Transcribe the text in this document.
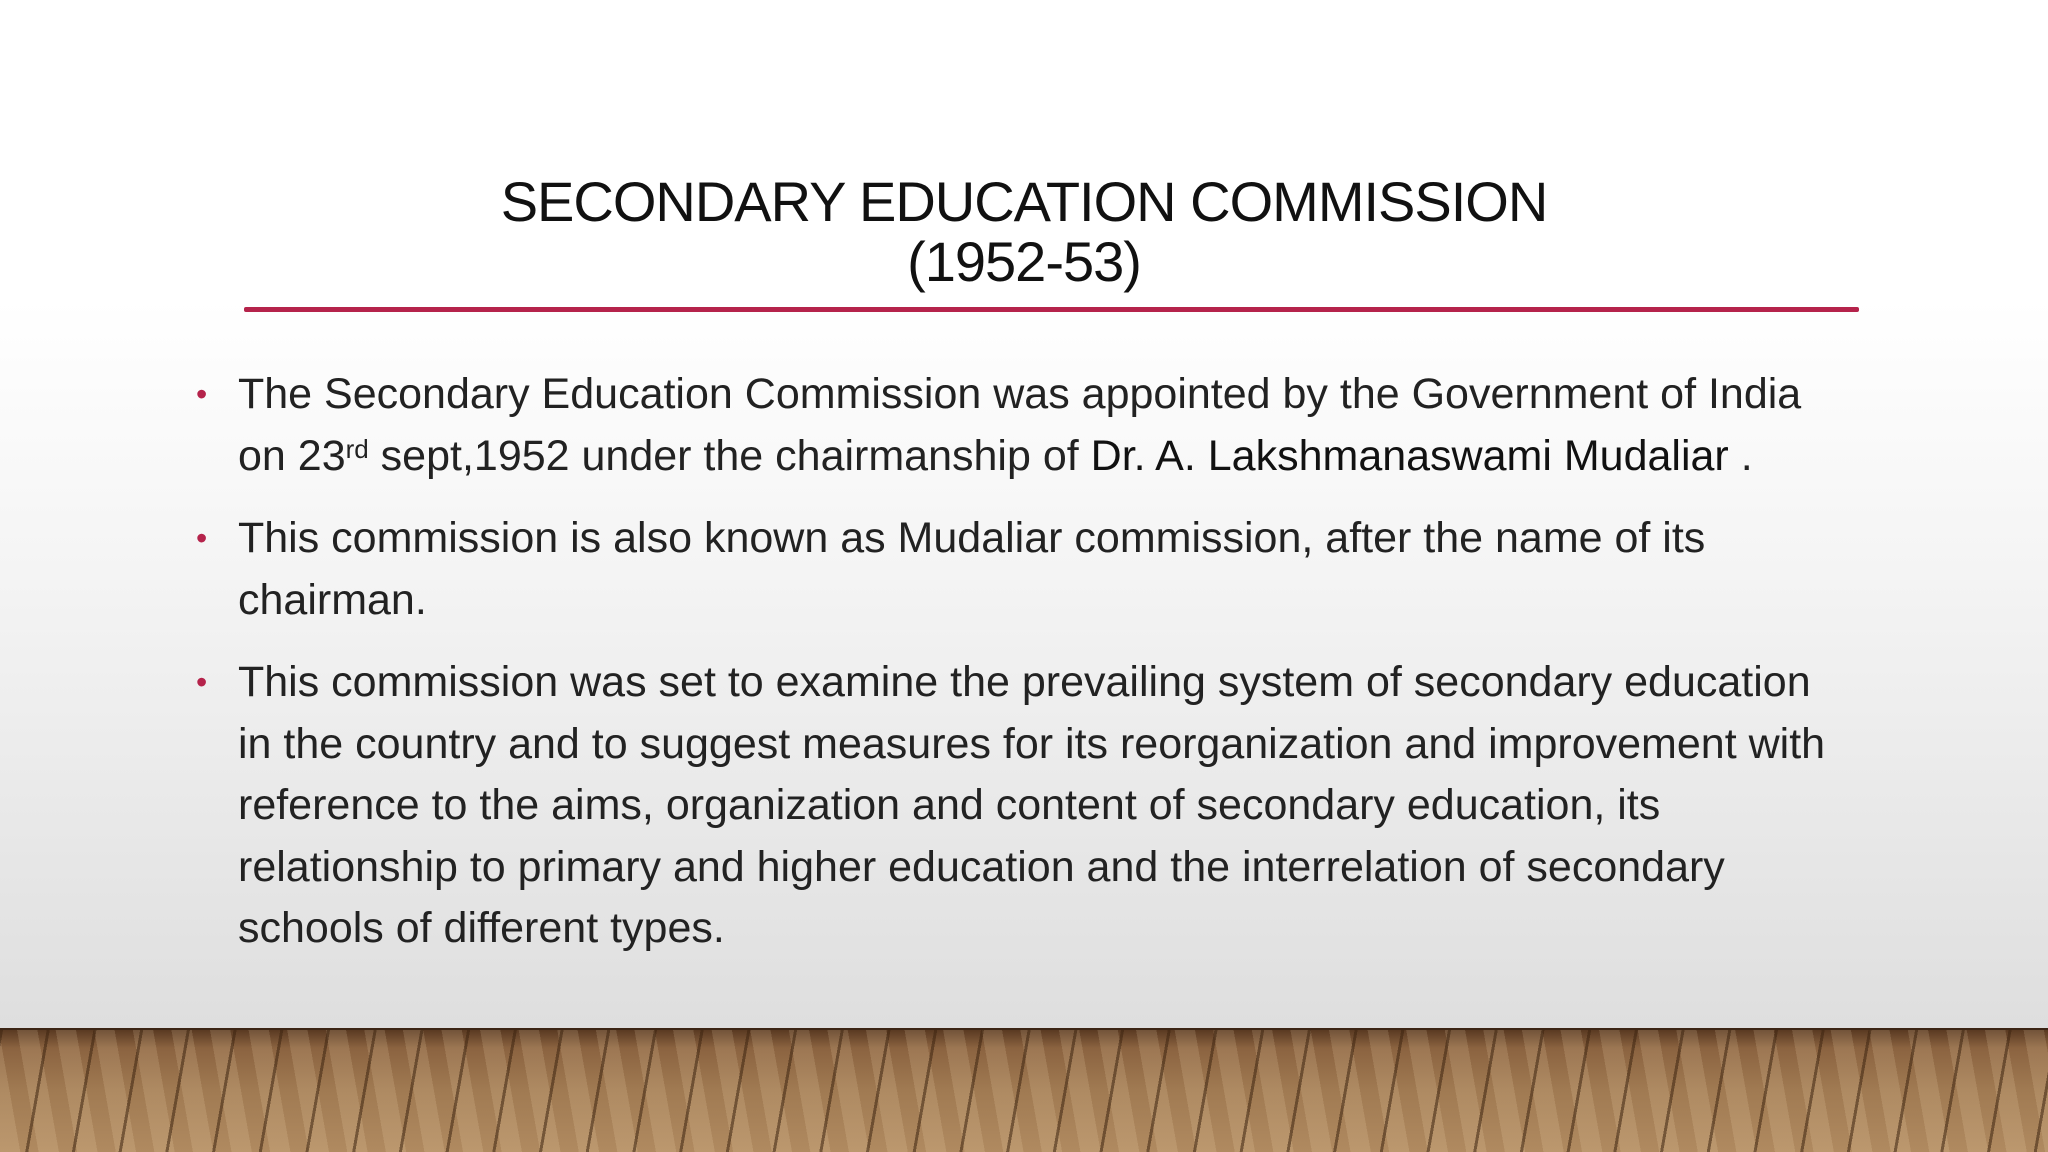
SECONDARY EDUCATION COMMISSION
(1952-53)
• The Secondary Education Commission was appointed by the Government of India on 23rd sept,1952 under the chairmanship of Dr. A. Lakshmanaswami Mudaliar .
• This commission is also known as Mudaliar commission, after the name of its chairman.
• This commission was set to examine the prevailing system of secondary education in the country and to suggest measures for its reorganization and improvement with reference to the aims, organization and content of secondary education, its relationship to primary and higher education and the interrelation of secondary schools of different types.
